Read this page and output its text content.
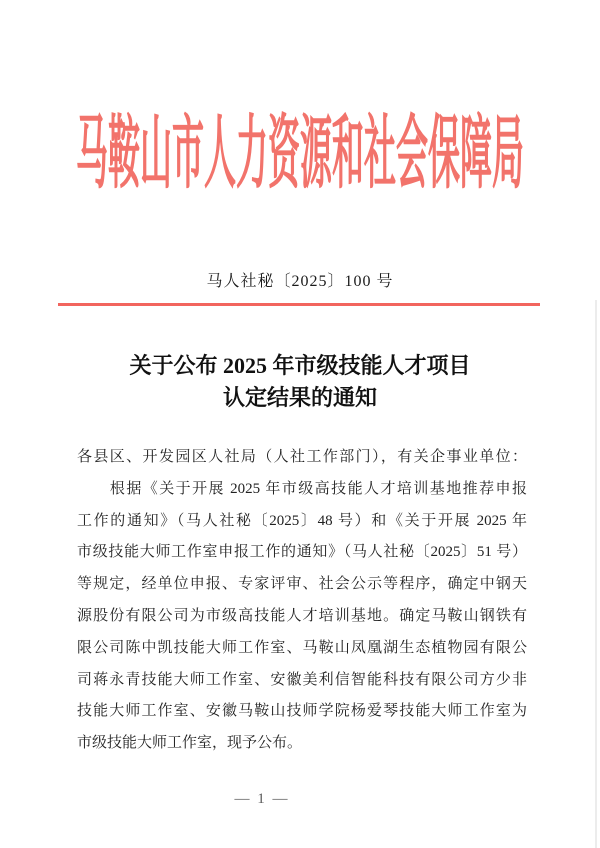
马鞍山市人力资源和社会保障局
马人社秘〔2025〕100 号
关于公布 2025 年市级技能人才项目
认定结果的通知
各县区、开发园区人社局（人社工作部门），有关企事业单位：
　　根据《关于开展 2025 年市级高技能人才培训基地推荐申报
工作的通知》（马人社秘〔2025〕48 号）和《关于开展 2025 年
市级技能大师工作室申报工作的通知》（马人社秘〔2025〕51 号）
等规定，经单位申报、专家评审、社会公示等程序，确定中钢天
源股份有限公司为市级高技能人才培训基地。确定马鞍山钢铁有
限公司陈中凯技能大师工作室、马鞍山凤凰湖生态植物园有限公
司蒋永青技能大师工作室、安徽美利信智能科技有限公司方少非
技能大师工作室、安徽马鞍山技师学院杨爱琴技能大师工作室为
市级技能大师工作室，现予公布。
— 1 —
